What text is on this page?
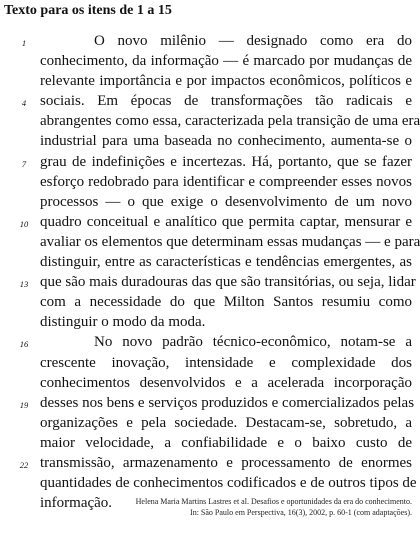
Texto para os itens de 1 a 15
1	O novo milênio — designado como era do
conhecimento, da informação — é marcado por mudanças de
relevante importância e por impactos econômicos, políticos e
4 sociais. Em épocas de transformações tão radicais e
abrangentes como essa, caracterizada pela transição de uma era
industrial para uma baseada no conhecimento, aumenta-se o
7 grau de indefinições e incertezas. Há, portanto, que se fazer
esforço redobrado para identificar e compreender esses novos
processos — o que exige o desenvolvimento de um novo
10 quadro conceitual e analítico que permita captar, mensurar e
avaliar os elementos que determinam essas mudanças — e para
distinguir, entre as características e tendências emergentes, as
13 que são mais duradouras das que são transitórias, ou seja, lidar
com a necessidade do que Milton Santos resumiu como
distinguir o modo da moda.
16	No novo padrão técnico-econômico, notam-se a
crescente inovação, intensidade e complexidade dos
conhecimentos desenvolvidos e a acelerada incorporação
19 desses nos bens e serviços produzidos e comercializados pelas
organizações e pela sociedade. Destacam-se, sobretudo, a
maior velocidade, a confiabilidade e o baixo custo de
22 transmissão, armazenamento e processamento de enormes
quantidades de conhecimentos codificados e de outros tipos de
informação.	Helena Maria Martins Lastres et al. Desafios e oportunidades da era do conhecimento.
In: São Paulo em Perspectiva, 16(3), 2002, p. 60-1 (com adaptações).
